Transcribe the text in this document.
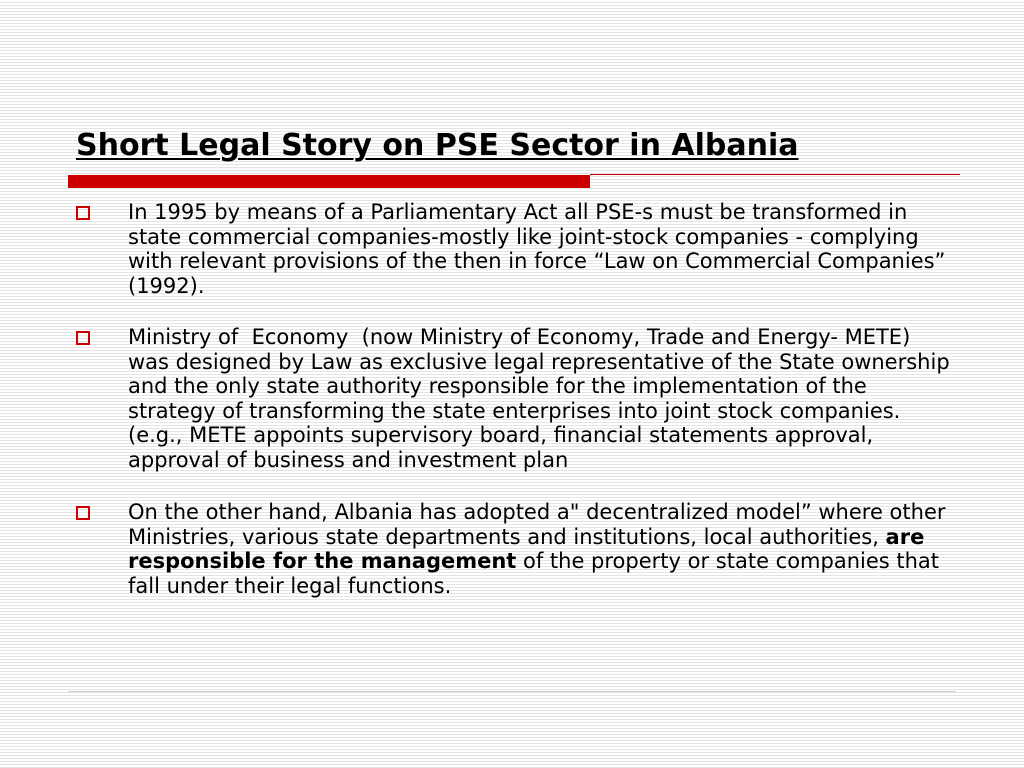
Short Legal Story on PSE Sector in Albania
In 1995 by means of a Parliamentary Act all PSE-s must be transformed in state commercial companies-mostly like joint-stock companies - complying with relevant provisions of the then in force “Law on Commercial Companies” (1992).
Ministry of  Economy  (now Ministry of Economy, Trade and Energy- METE) was designed by Law as exclusive legal representative of the State ownership and the only state authority responsible for the implementation of the strategy of transforming the state enterprises into joint stock companies. (e.g., METE appoints supervisory board, financial statements approval, approval of business and investment plan
On the other hand, Albania has adopted a" decentralized model” where other Ministries, various state departments and institutions, local authorities, are responsible for the management of the property or state companies that fall under their legal functions.
